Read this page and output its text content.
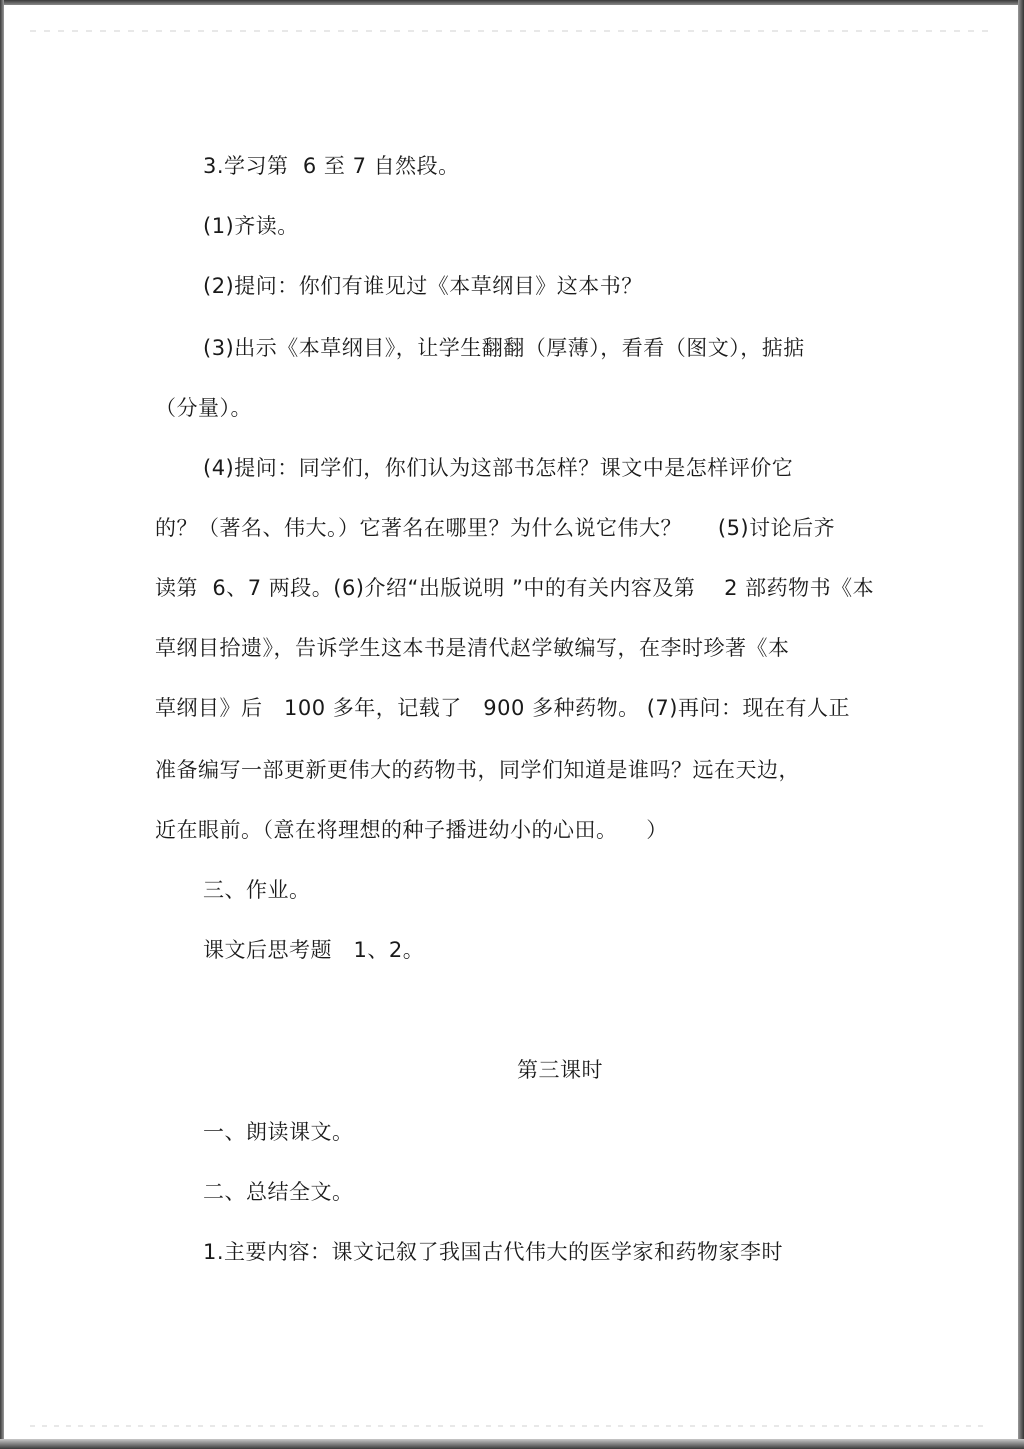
3.学习第  6 至 7 自然段。

(1)齐读。

(2)提问：你们有谁见过《本草纲目》这本书？

(3)出示《本草纲目》，让学生翻翻（厚薄），看看（图文），掂掂

（分量）。

(4)提问：同学们，你们认为这部书怎样？课文中是怎样评价它

的？（著名、伟大。）它著名在哪里？为什么说它伟大？     (5)讨论后齐

读第  6、7 两段。(6)介绍“出版说明 ”中的有关内容及第    2 部药物书《本

草纲目拾遗》，告诉学生这本书是清代赵学敏编写，在李时珍著《本

草纲目》后   100 多年，记载了   900 多种药物。 (7)再问：现在有人正

准备编写一部更新更伟大的药物书，同学们知道是谁吗？远在天边，

近在眼前。（意在将理想的种子播进幼小的心田。    ）

三、作业。

课文后思考题   1、2。

第三课时

一、朗读课文。

二、总结全文。

1.主要内容：课文记叙了我国古代伟大的医学家和药物家李时
